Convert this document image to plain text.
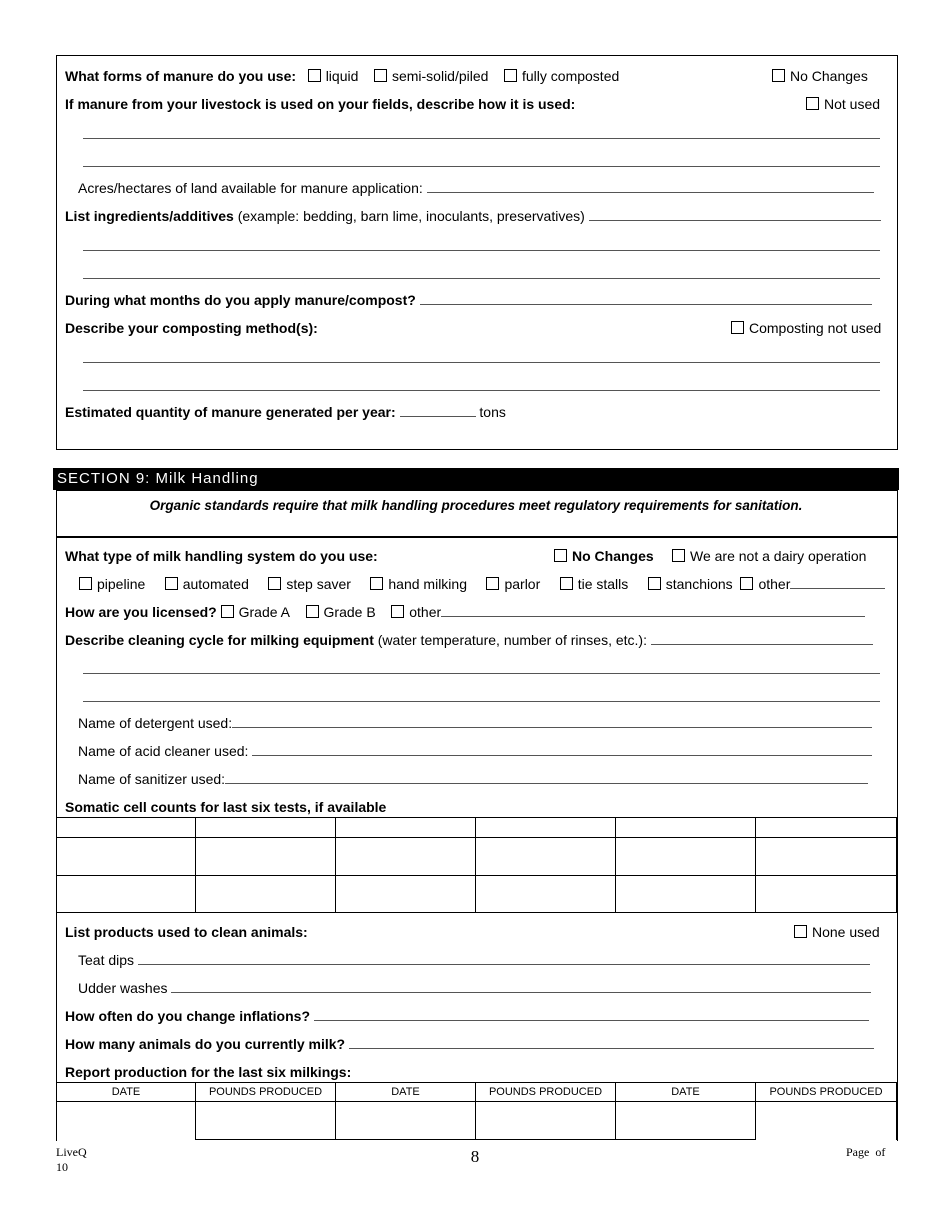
What forms of manure do you use: liquid semi-solid/piled fully composted	No Changes
If manure from your livestock is used on your fields, describe how it is used:	Not used
Acres/hectares of land available for manure application:
List ingredients/additives (example: bedding, barn lime, inoculants, preservatives)
During what months do you apply manure/compost?
Describe your composting method(s):	Composting not used
Estimated quantity of manure generated per year:	tons
SECTION 9: Milk Handling
Organic standards require that milk handling procedures meet regulatory requirements for sanitation.
What type of milk handling system do you use:	No Changes	We are not a dairy operation
pipeline	automated	step saver	hand milking	parlor	tie stalls	stanchions other
How are you licensed? Grade A Grade B other
Describe cleaning cycle for milking equipment (water temperature, number of rinses, etc.):
Name of detergent used:
Name of acid cleaner used:
Name of sanitizer used:
Somatic cell counts for last six tests, if available

List products used to clean animals:	None used
Teat dips
Udder washes
How often do you change inflations?
How many animals do you currently milk?
Report production for the last six milkings:
DATE	POUNDS PRODUCED	DATE	POUNDS PRODUCED	DATE	POUNDS PRODUCED

LiveQ
10
8	Page  of
